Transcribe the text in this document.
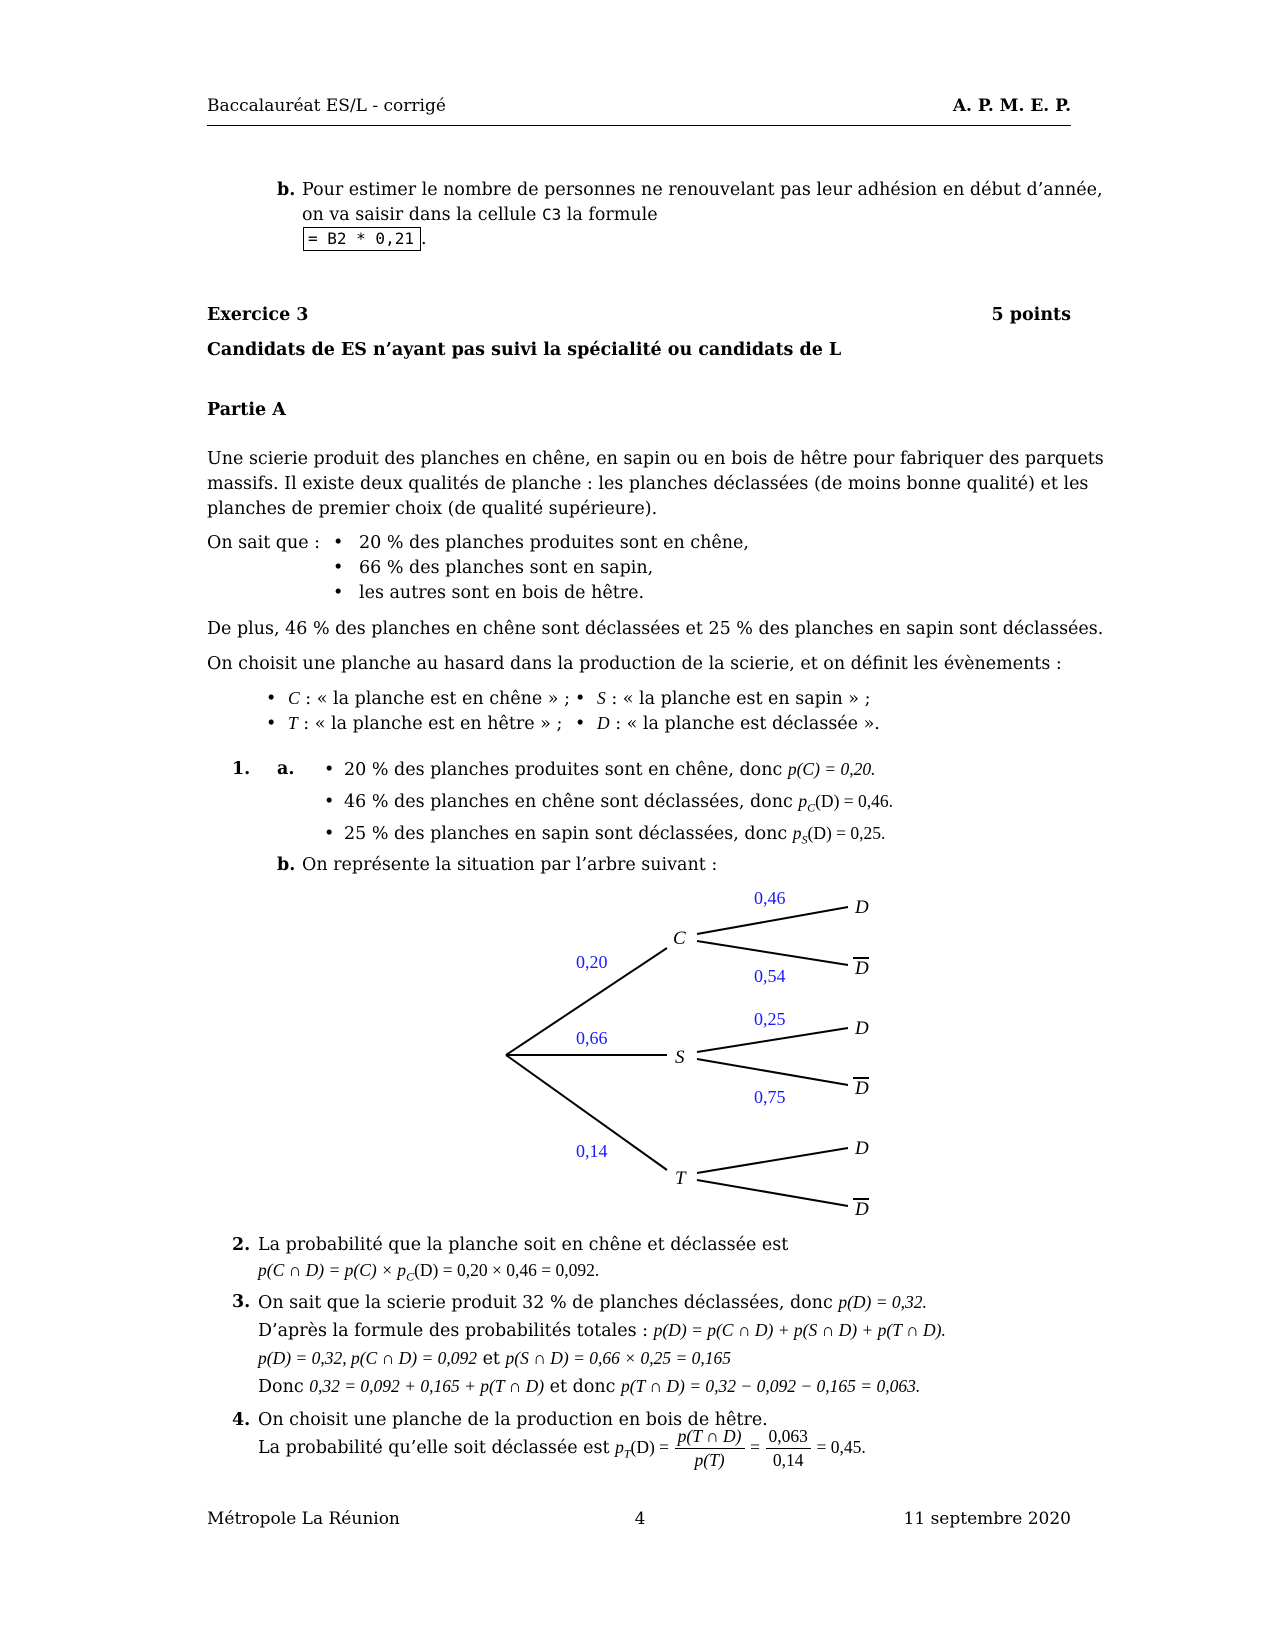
Baccalauréat ES/L - corrigé	A. P. M. E. P.
b. Pour estimer le nombre de personnes ne renouvelant pas leur adhésion en début d’année,
on va saisir dans la cellule C3 la formule
= B2 * 0,21 .
Exercice 3	5 points
Candidats de ES n’ayant pas suivi la spécialité ou candidats de L
Partie A
Une scierie produit des planches en chêne, en sapin ou en bois de hêtre pour fabriquer des parquets
massifs. Il existe deux qualités de planche : les planches déclassées (de moins bonne qualité) et les
planches de premier choix (de qualité supérieure).
On sait que : • 20 % des planches produites sont en chêne,
• 66 % des planches sont en sapin,
• les autres sont en bois de hêtre.
De plus, 46 % des planches en chêne sont déclassées et 25 % des planches en sapin sont déclassées.
On choisit une planche au hasard dans la production de la scierie, et on définit les évènements :
• C : « la planche est en chêne » ; • S : « la planche est en sapin » ;
• T : « la planche est en hêtre » ; • D : « la planche est déclassée ».
1. a. • 20 % des planches produites sont en chêne, donc p(C) = 0,20.
• 46 % des planches en chêne sont déclassées, donc $p_C(D) = 0,46$.
• 25 % des planches en sapin sont déclassées, donc $p_S(D) = 0,25$.
b. On représente la situation par l’arbre suivant :
C
S
T
D
D
D
D
D
D
0,20
0,66
0,14
0,46
0,54
0,25
0,75
2. La probabilité que la planche soit en chêne et déclassée est
p(C ∩ $D) = p(C) \times p_C(D) = 0,20 \times 0,46 = 0,092$.
3. On sait que la scierie produit 32 % de planches déclassées, donc p(D) = 0,32.
D’après la formule des probabilités totales : p(D) = p(C ∩ D) + p(S ∩ D) + p(T ∩ D).
p(D) = 0,32, p(C ∩ D) = 0,092 et p(S ∩ D) = 0,66 × 0,25 = 0,165
Donc 0,32 = 0,092 + 0,165 + p(T ∩ D) et donc p(T ∩ D) = 0,32 − 0,092 − 0,165 = 0,063.
4. On choisit une planche de la production en bois de hêtre.
La probabilité qu’elle soit déclassée est $p_T(D) = \frac{p(T \cap D)}{p(T)} = \frac{0,063}{0,14} = 0,45$.
Métropole La Réunion	4	11 septembre 2020
